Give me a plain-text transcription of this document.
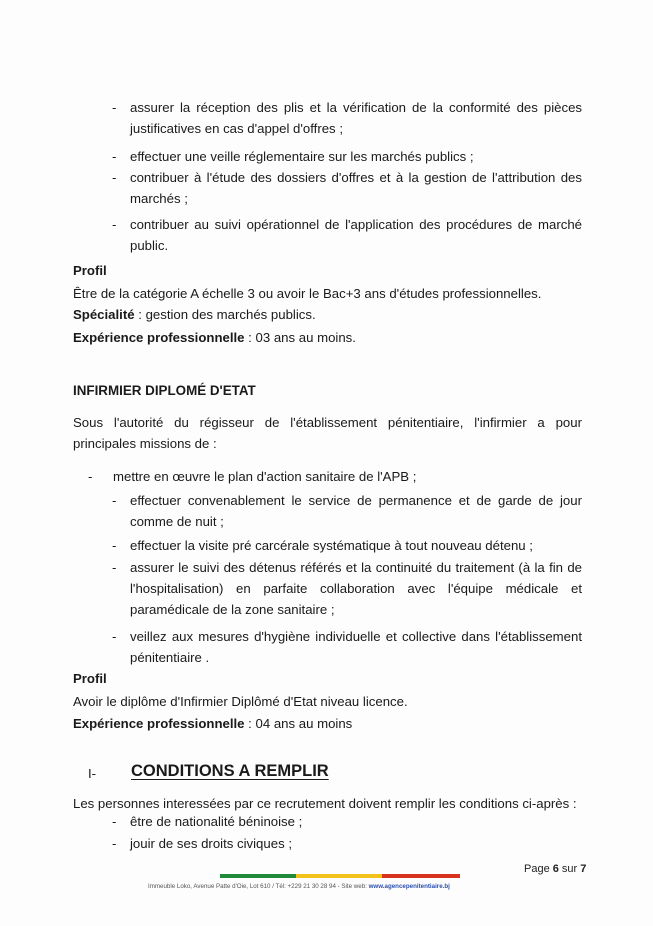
-	assurer la réception des plis et la vérification de la conformité des pièces justificatives en cas d'appel d'offres ;
-	effectuer une veille réglementaire sur les marchés publics ;
-	contribuer à l'étude des dossiers d'offres et à la gestion de l'attribution des marchés ;
-	contribuer au suivi opérationnel de l'application des procédures de marché public.
Profil
Être de la catégorie A échelle 3 ou avoir le Bac+3 ans d'études professionnelles.
Spécialité : gestion des marchés publics.
Expérience professionnelle : 03 ans au moins.
INFIRMIER DIPLOMÉ D'ETAT
Sous l'autorité du régisseur de l'établissement pénitentiaire, l'infirmier a pour principales missions de :
-	mettre en œuvre le plan d'action sanitaire de l'APB ;
-	effectuer convenablement le service de permanence et de garde de jour comme de nuit ;
-	effectuer la visite pré carcérale systématique à tout nouveau détenu ;
-	assurer le suivi des détenus référés et la continuité du traitement (à la fin de l'hospitalisation) en parfaite collaboration avec l'équipe médicale et paramédicale de la zone sanitaire ;
-	veillez aux mesures d'hygiène individuelle et collective dans l'établissement pénitentiaire .
Profil
Avoir le diplôme d'Infirmier Diplômé d'Etat niveau licence.
Expérience professionnelle : 04 ans au moins
I- CONDITIONS A REMPLIR
Les personnes interessées par ce recrutement doivent remplir les conditions ci-après :
-	être de nationalité béninoise ;
-	jouir de ses droits civiques ;
Page 6 sur 7
Immeuble Loko, Avenue Patte d'Oie, Lot 610 / Tél: +229 21 30 28 94 - Site web: www.agencepenitentiaire.bj
